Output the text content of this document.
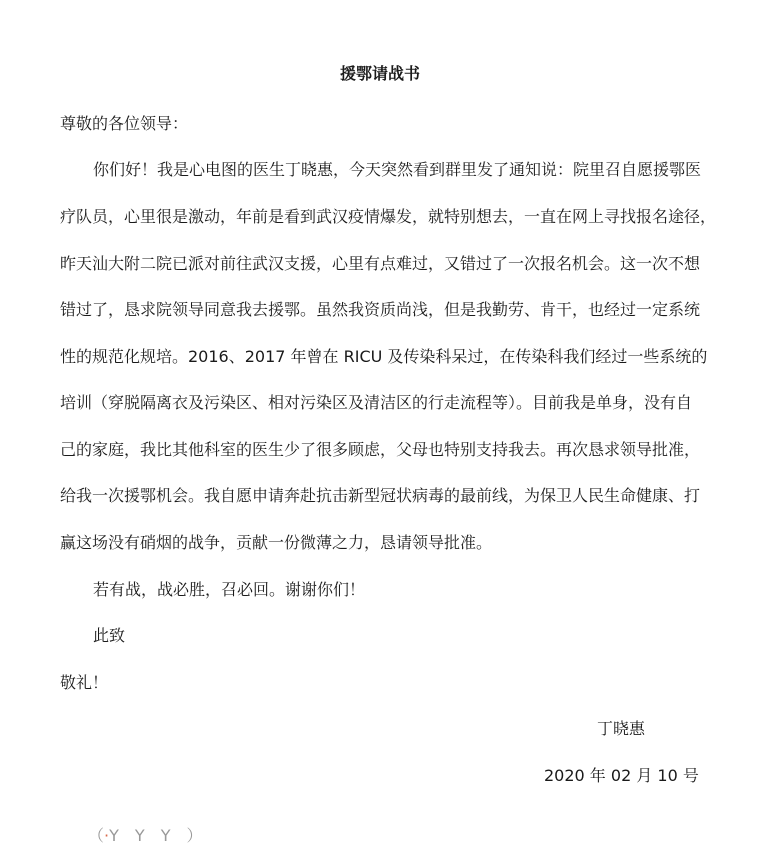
援鄂请战书
尊敬的各位领导：
你们好！我是心电图的医生丁晓惠，今天突然看到群里发了通知说：院里召自愿援鄂医
疗队员，心里很是激动，年前是看到武汉疫情爆发，就特别想去，一直在网上寻找报名途径，
昨天汕大附二院已派对前往武汉支援，心里有点难过，又错过了一次报名机会。这一次不想
错过了，恳求院领导同意我去援鄂。虽然我资质尚浅，但是我勤劳、肯干，也经过一定系统
性的规范化规培。2016、2017 年曾在 RICU 及传染科呆过，在传染科我们经过一些系统的
培训（穿脱隔离衣及污染区、相对污染区及清洁区的行走流程等）。目前我是单身，没有自
己的家庭，我比其他科室的医生少了很多顾虑，父母也特别支持我去。再次恳求领导批准，
给我一次援鄂机会。我自愿申请奔赴抗击新型冠状病毒的最前线，为保卫人民生命健康、打
赢这场没有硝烟的战争，贡献一份微薄之力，恳请领导批准。
若有战，战必胜，召必回。谢谢你们！
此致
敬礼！
丁晓惠
2020 年 02 月 10 号
（·Y　 Y　 Y　 ）
